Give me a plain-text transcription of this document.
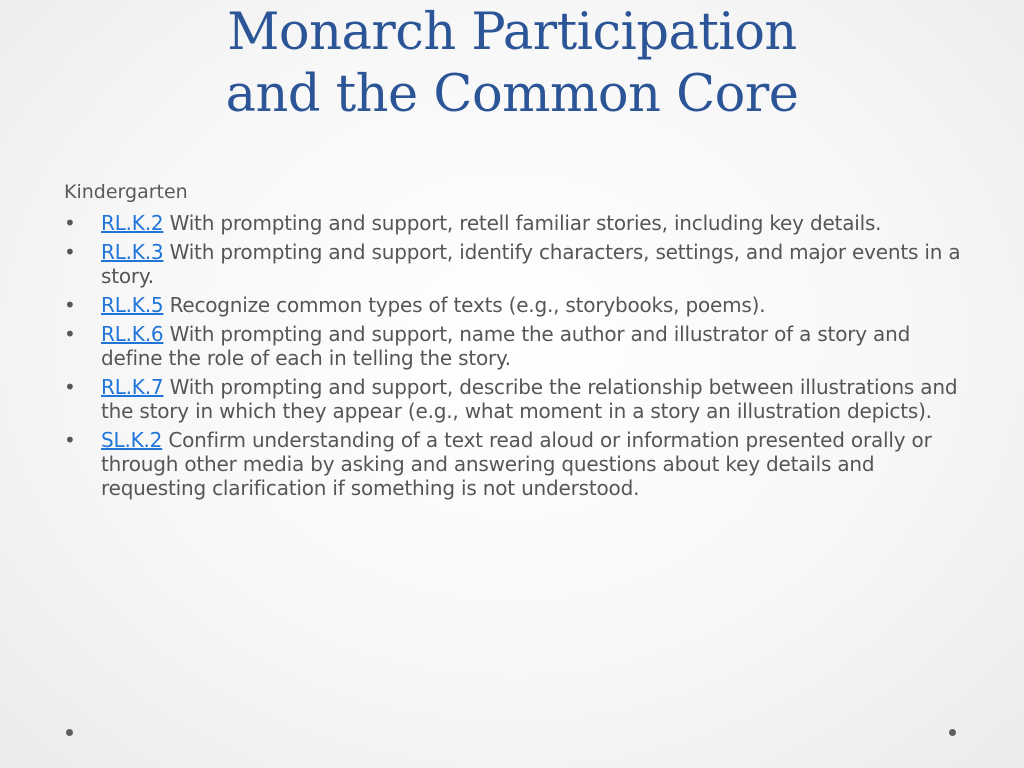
Monarch Participation
and the Common Core

Kindergarten

• RL.K.2 With prompting and support, retell familiar stories, including key details.
• RL.K.3 With prompting and support, identify characters, settings, and major events in a story.
• RL.K.5 Recognize common types of texts (e.g., storybooks, poems).
• RL.K.6 With prompting and support, name the author and illustrator of a story and define the role of each in telling the story.
• RL.K.7 With prompting and support, describe the relationship between illustrations and the story in which they appear (e.g., what moment in a story an illustration depicts).
• SL.K.2 Confirm understanding of a text read aloud or information presented orally or through other media by asking and answering questions about key details and requesting clarification if something is not understood.
